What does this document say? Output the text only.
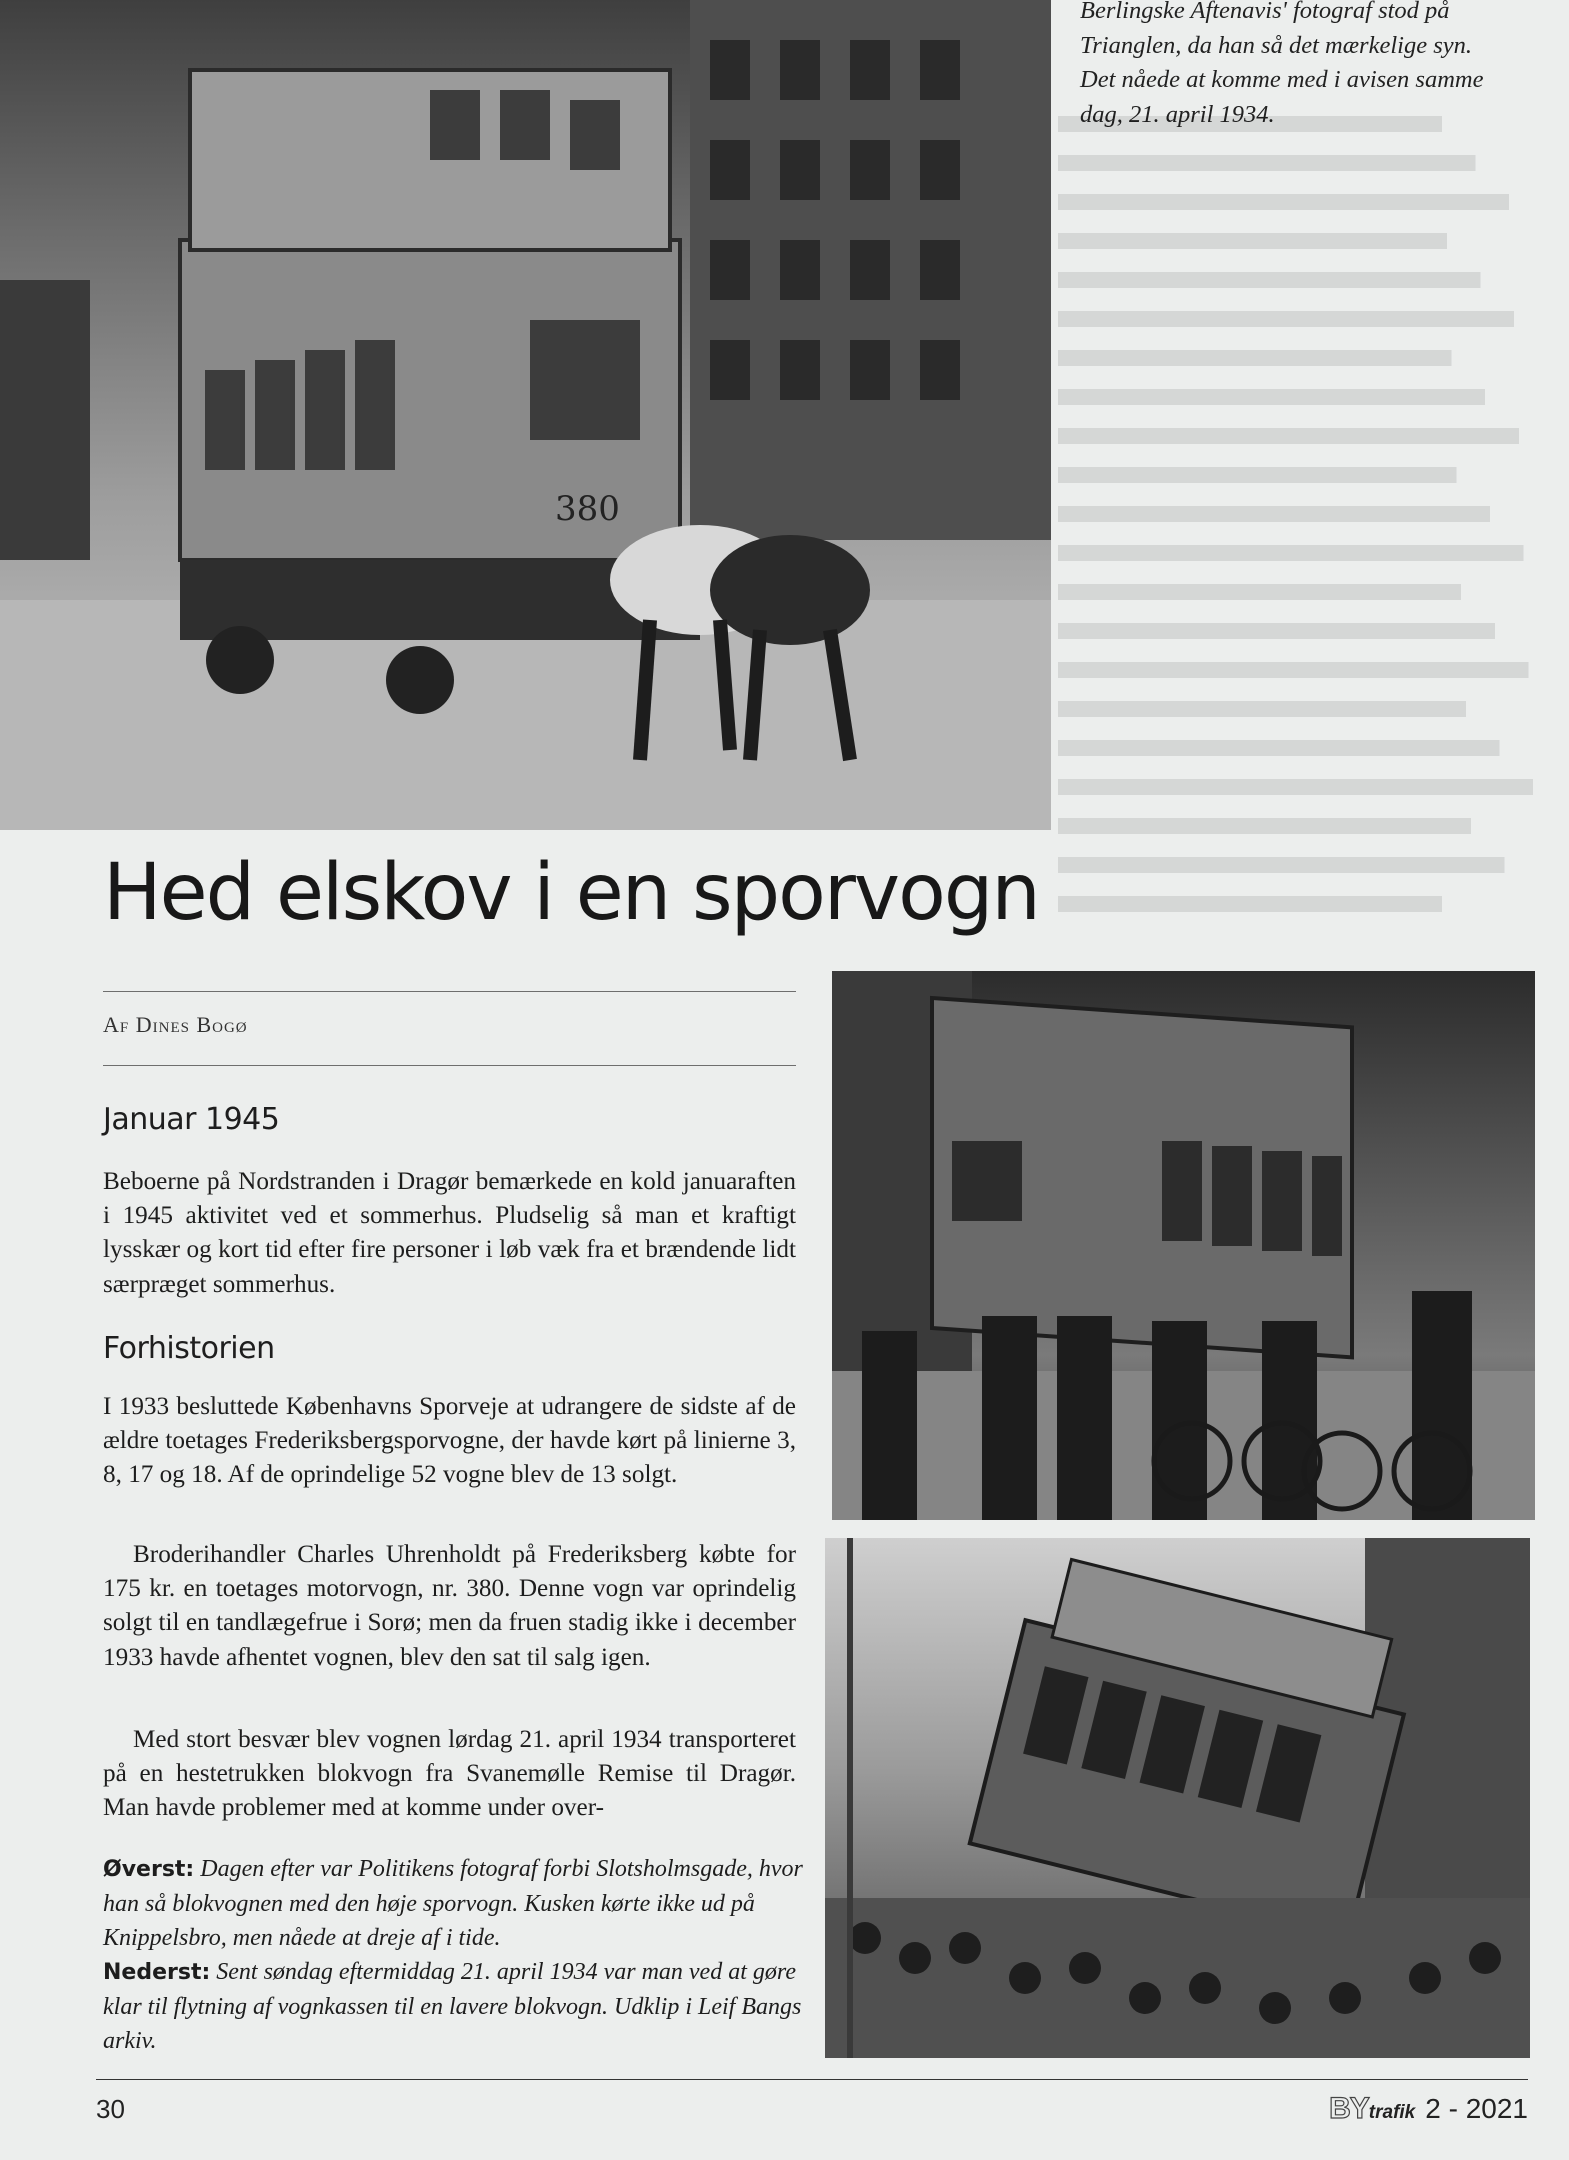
380

Berlingske Aftenavis' fotograf stod på

Trianglen, da han så det mærkelige syn.

Det nåede at komme med i avisen samme

dag, 21. april 1934.

Hed elskov i en sporvogn
Af Dines Bogø
Januar 1945

Beboerne på Nordstranden i Dragør bemærkede en kold januaraften i 1945 aktivitet ved et sommerhus. Pludselig så man et kraftigt lysskær og kort tid efter fire personer i løb væk fra et brændende lidt særpræget sommerhus.

Forhistorien

I 1933 besluttede Københavns Sporveje at udrangere de sidste af de ældre toetages Frederiksbergsporvogne, der havde kørt på linierne 3, 8, 17 og 18. Af de oprindelige 52 vogne blev de 13 solgt.

Broderihandler Charles Uhrenholdt på Frederiksberg købte for 175 kr. en toetages motorvogn, nr. 380. Denne vogn var oprindelig solgt til en tandlægefrue i Sorø; men da fruen stadig ikke i december 1933 havde afhentet vognen, blev den sat til salg igen.

Med stort besvær blev vognen lørdag 21. april 1934 transporteret på en hestetrukken blokvogn fra Svanemølle Remise til Dragør. Man havde problemer med at komme under over-

Øverst: Dagen efter var Politikens fotograf forbi Slotsholmsgade, hvor han så blokvognen med den høje sporvogn. Kusken kørte ikke ud på Knippelsbro, men nåede at dreje af i tide.

Nederst: Sent søndag eftermiddag 21. april 1934 var man ved at gøre klar til flytning af vognkassen til en lavere blokvogn. Udklip i Leif Bangs arkiv.

30	BYtrafik 2 - 2021
